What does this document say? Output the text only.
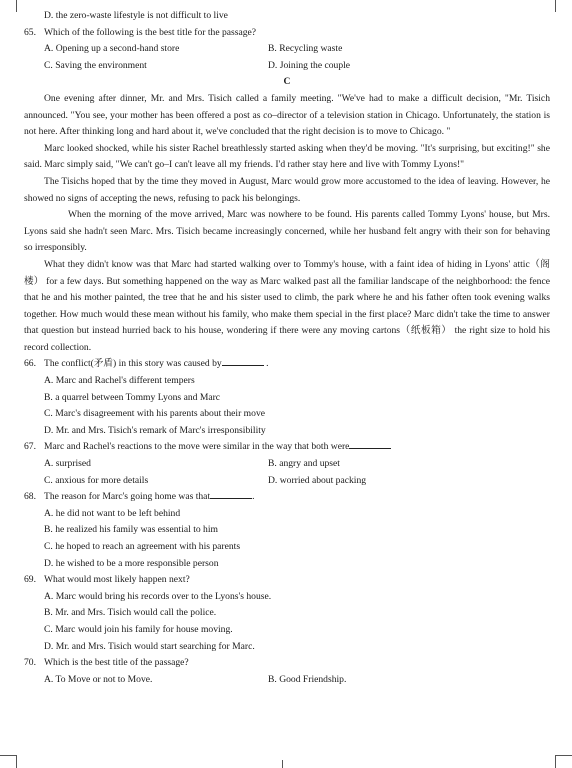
D. the zero-waste lifestyle is not difficult to live
65. Which of the following is the best title for the passage?
A. Opening up a second-hand store	B. Recycling waste
C. Saving the environment	D. Joining the couple
C
One evening after dinner, Mr. and Mrs. Tisich called a family meeting. "We've had to make a difficult decision, "Mr. Tisich announced. "You see, your mother has been offered a post as co–director of a television station in Chicago. Unfortunately, the station is not here. After thinking long and hard about it, we've concluded that the right decision is to move to Chicago. "
Marc looked shocked, while his sister Rachel breathlessly started asking when they'd be moving. "It's surprising, but exciting!" she said. Marc simply said, "We can't go–I can't leave all my friends. I'd rather stay here and live with Tommy Lyons!"
The Tisichs hoped that by the time they moved in August, Marc would grow more accustomed to the idea of leaving. However, he showed no signs of accepting the news, refusing to pack his belongings.
When the morning of the move arrived, Marc was nowhere to be found. His parents called Tommy Lyons' house, but Mrs. Lyons said she hadn't seen Marc. Mrs. Tisich became increasingly concerned, while her husband felt angry with their son for behaving so irresponsibly.
What they didn't know was that Marc had started walking over to Tommy's house, with a faint idea of hiding in Lyons' attic（阁楼） for a few days. But something happened on the way as Marc walked past all the familiar landscape of the neighborhood: the fence that he and his mother painted, the tree that he and his sister used to climb, the park where he and his father often took evening walks together. How much would these mean without his family, who make them special in the first place? Marc didn't take the time to answer that question but instead hurried back to his house, wondering if there were any moving cartons（纸板箱） the right size to hold his record collection.
66. The conflict(矛盾) in this story was caused by	.
A. Marc and Rachel's different tempers
B. a quarrel between Tommy Lyons and Marc
C. Marc's disagreement with his parents about their move
D. Mr. and Mrs. Tisich's remark of Marc's irresponsibility
67. Marc and Rachel's reactions to the move were similar in the way that both were
A. surprised	B. angry and upset
C. anxious for more details	D. worried about packing
68. The reason for Marc's going home was that	.
A. he did not want to be left behind
B. he realized his family was essential to him
C. he hoped to reach an agreement with his parents
D. he wished to be a more responsible person
69. What would most likely happen next?
A. Marc would bring his records over to the Lyons's house.
B. Mr. and Mrs. Tisich would call the police.
C. Marc would join his family for house moving.
D. Mr. and Mrs. Tisich would start searching for Marc.
70. Which is the best title of the passage?
A. To Move or not to Move.	B. Good Friendship.
